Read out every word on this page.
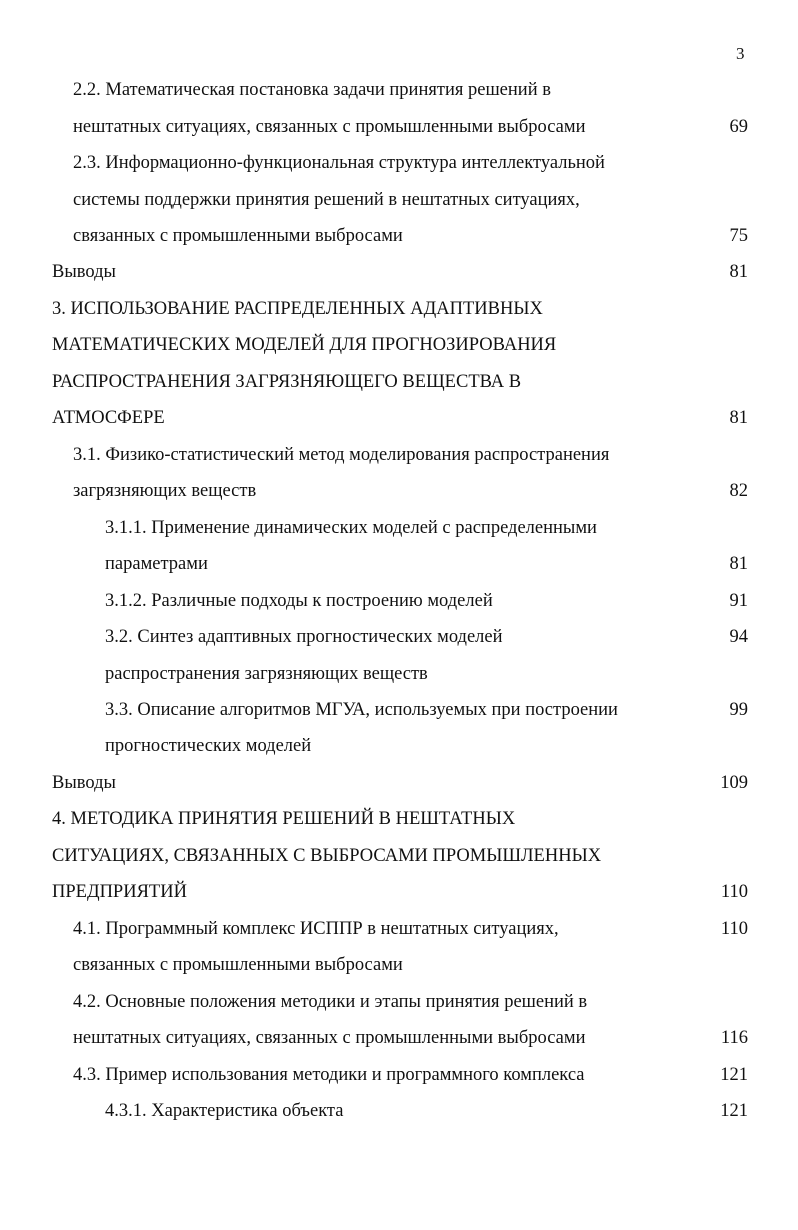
3
2.2. Математическая постановка задачи принятия решений в
нештатных ситуациях, связанных с промышленными выбросами	69
2.3. Информационно-функциональная структура интеллектуальной
системы поддержки принятия решений в нештатных ситуациях,
связанных с промышленными выбросами	75
Выводы	81
3. ИСПОЛЬЗОВАНИЕ РАСПРЕДЕЛЕННЫХ АДАПТИВНЫХ
МАТЕМАТИЧЕСКИХ МОДЕЛЕЙ ДЛЯ ПРОГНОЗИРОВАНИЯ
РАСПРОСТРАНЕНИЯ ЗАГРЯЗНЯЮЩЕГО ВЕЩЕСТВА В
АТМОСФЕРЕ	81
3.1. Физико-статистический метод моделирования распространения
загрязняющих веществ	82
3.1.1. Применение динамических моделей с распределенными
параметрами	81
3.1.2. Различные подходы к построению моделей	91
3.2. Синтез адаптивных прогностических моделей	94
распространения загрязняющих веществ
3.3. Описание алгоритмов МГУА, используемых при построении	99
прогностических моделей
Выводы	109
4. МЕТОДИКА ПРИНЯТИЯ РЕШЕНИЙ В НЕШТАТНЫХ
СИТУАЦИЯХ, СВЯЗАННЫХ С ВЫБРОСАМИ ПРОМЫШЛЕННЫХ
ПРЕДПРИЯТИЙ	110
4.1. Программный комплекс ИСППР в нештатных ситуациях,	110
связанных с промышленными выбросами
4.2. Основные положения методики и этапы принятия решений в
нештатных ситуациях, связанных с промышленными выбросами	116
4.3. Пример использования методики и программного комплекса	121
4.3.1. Характеристика объекта	121
